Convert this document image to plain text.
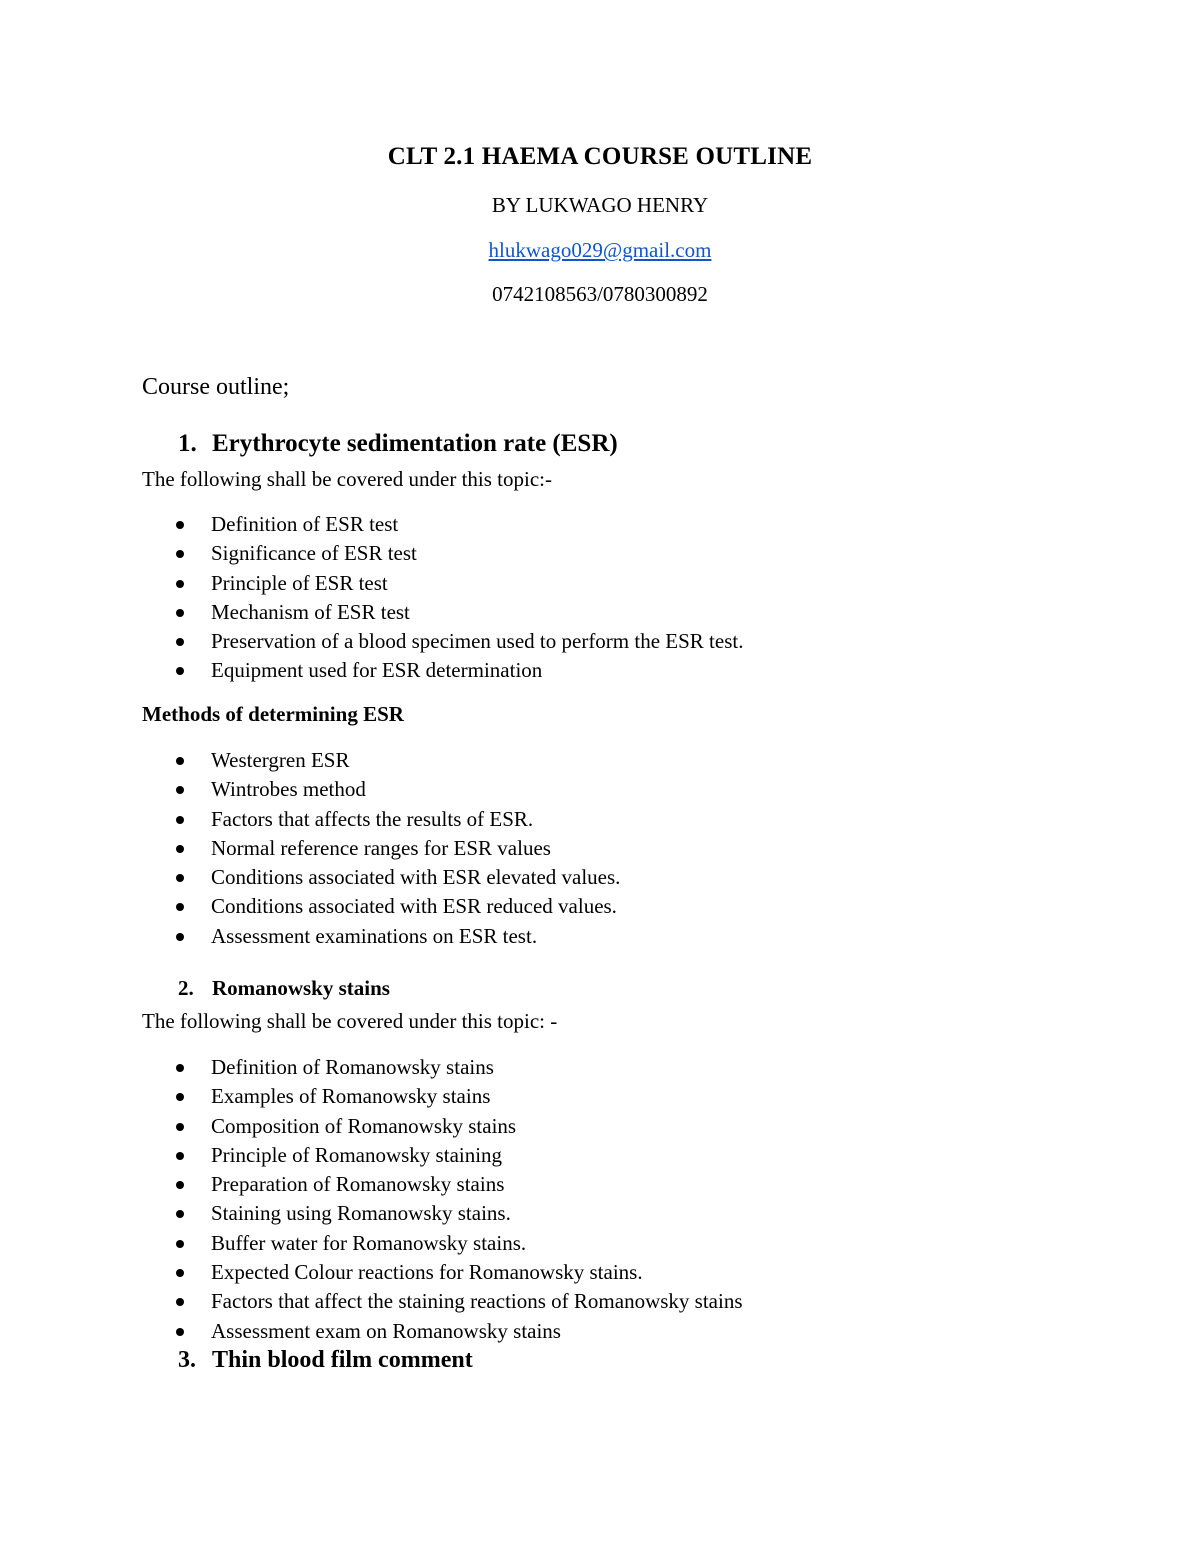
CLT 2.1 HAEMA COURSE OUTLINE
BY LUKWAGO HENRY
hlukwago029@gmail.com
0742108563/0780300892
Course outline;
1. Erythrocyte sedimentation rate (ESR)
The following shall be covered under this topic:-
Definition of ESR test
Significance of ESR test
Principle of ESR test
Mechanism of ESR test
Preservation of a blood specimen used to perform the ESR test.
Equipment used for ESR determination
Methods of determining ESR
Westergren ESR
Wintrobes method
Factors that affects the results of ESR.
Normal reference ranges for ESR values
Conditions associated with ESR elevated values.
Conditions associated with ESR reduced values.
Assessment examinations on ESR test.
2. Romanowsky stains
The following shall be covered under this topic: -
Definition of Romanowsky stains
Examples of Romanowsky stains
Composition of Romanowsky stains
Principle of Romanowsky staining
Preparation of Romanowsky stains
Staining using Romanowsky stains.
Buffer water for Romanowsky stains.
Expected Colour reactions for Romanowsky stains.
Factors that affect the staining reactions of Romanowsky stains
Assessment exam on Romanowsky stains
3. Thin blood film comment
